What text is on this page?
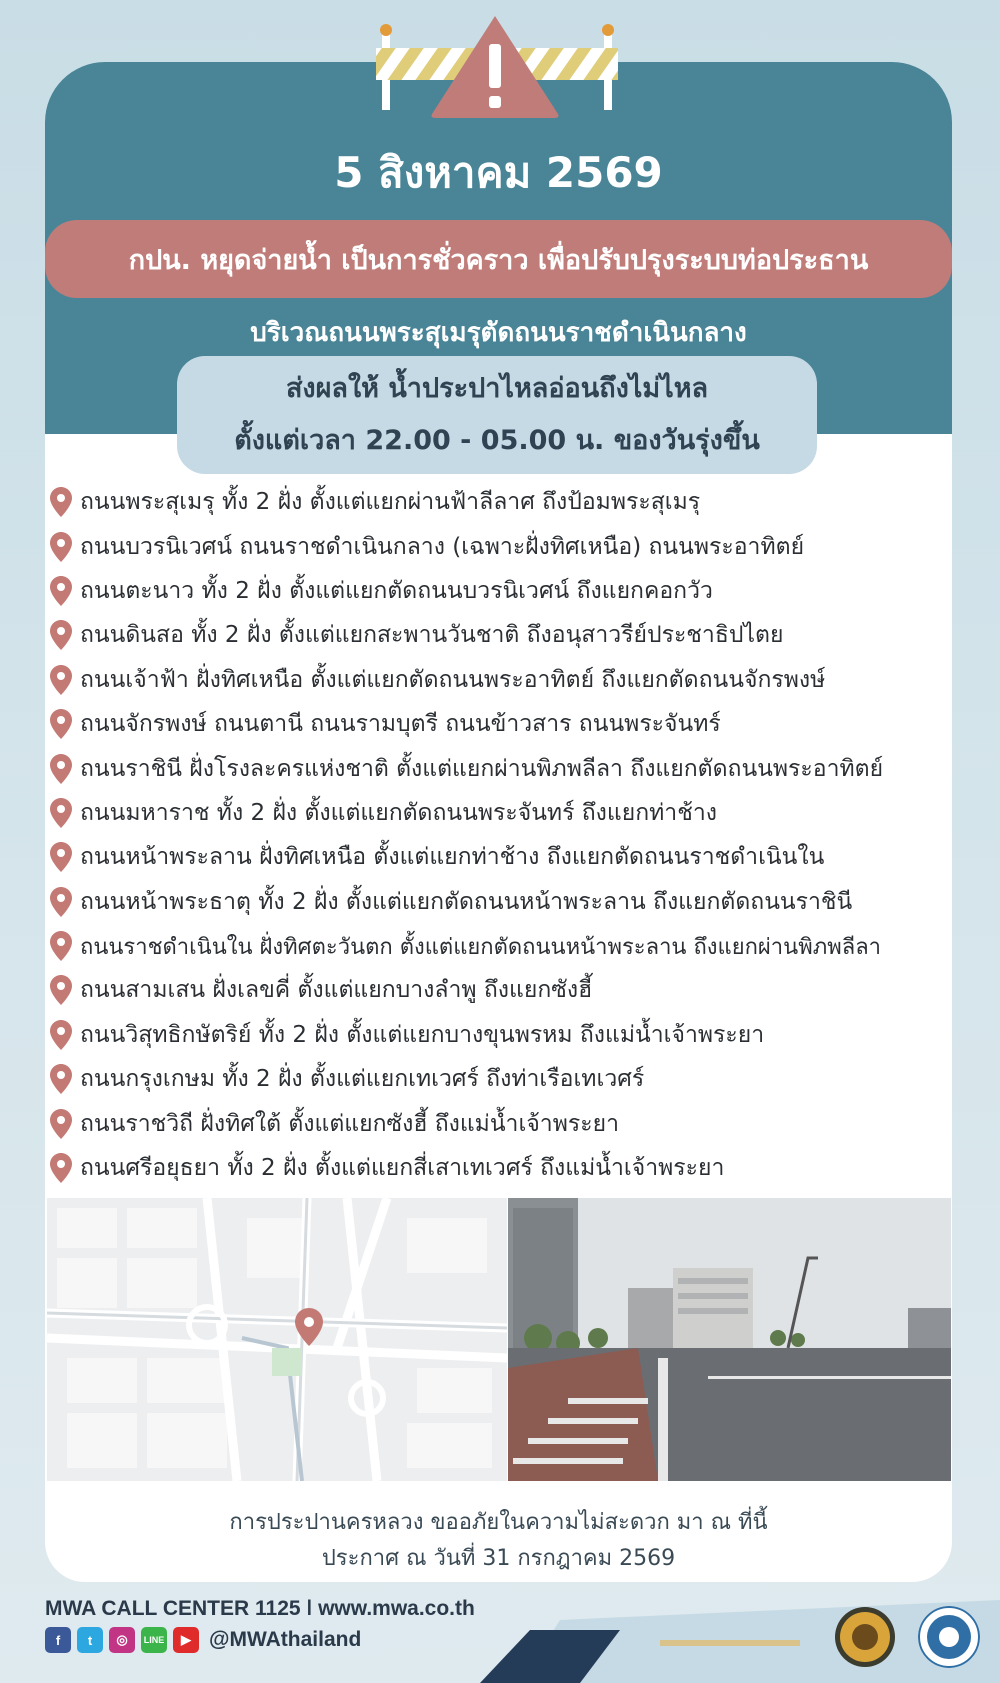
5 สิงหาคม 2569
กปน. หยุดจ่ายน้ำ เป็นการชั่วคราว เพื่อปรับปรุงระบบท่อประธาน
บริเวณถนนพระสุเมรุตัดถนนราชดำเนินกลาง
ส่งผลให้ น้ำประปาไหลอ่อนถึงไม่ไหล
ตั้งแต่เวลา 22.00 - 05.00 น. ของวันรุ่งขึ้น
ถนนพระสุเมรุ ทั้ง 2 ฝั่ง ตั้งแต่แยกผ่านฟ้าลีลาศ ถึงป้อมพระสุเมรุ
ถนนบวรนิเวศน์ ถนนราชดำเนินกลาง (เฉพาะฝั่งทิศเหนือ) ถนนพระอาทิตย์
ถนนตะนาว ทั้ง 2 ฝั่ง ตั้งแต่แยกตัดถนนบวรนิเวศน์ ถึงแยกคอกวัว
ถนนดินสอ ทั้ง 2 ฝั่ง ตั้งแต่แยกสะพานวันชาติ ถึงอนุสาวรีย์ประชาธิปไตย
ถนนเจ้าฟ้า ฝั่งทิศเหนือ ตั้งแต่แยกตัดถนนพระอาทิตย์ ถึงแยกตัดถนนจักรพงษ์
ถนนจักรพงษ์ ถนนตานี ถนนรามบุตรี ถนนข้าวสาร ถนนพระจันทร์
ถนนราชินี ฝั่งโรงละครแห่งชาติ ตั้งแต่แยกผ่านพิภพลีลา ถึงแยกตัดถนนพระอาทิตย์
ถนนมหาราช ทั้ง 2 ฝั่ง ตั้งแต่แยกตัดถนนพระจันทร์ ถึงแยกท่าช้าง
ถนนหน้าพระลาน ฝั่งทิศเหนือ ตั้งแต่แยกท่าช้าง ถึงแยกตัดถนนราชดำเนินใน
ถนนหน้าพระธาตุ ทั้ง 2 ฝั่ง ตั้งแต่แยกตัดถนนหน้าพระลาน ถึงแยกตัดถนนราชินี
ถนนราชดำเนินใน ฝั่งทิศตะวันตก ตั้งแต่แยกตัดถนนหน้าพระลาน ถึงแยกผ่านพิภพลีลา
ถนนสามเสน ฝั่งเลขคี่ ตั้งแต่แยกบางลำพู ถึงแยกซังฮี้
ถนนวิสุทธิกษัตริย์ ทั้ง 2 ฝั่ง ตั้งแต่แยกบางขุนพรหม ถึงแม่น้ำเจ้าพระยา
ถนนกรุงเกษม ทั้ง 2 ฝั่ง ตั้งแต่แยกเทเวศร์ ถึงท่าเรือเทเวศร์
ถนนราชวิถี ฝั่งทิศใต้ ตั้งแต่แยกซังฮี้ ถึงแม่น้ำเจ้าพระยา
ถนนศรีอยุธยา ทั้ง 2 ฝั่ง ตั้งแต่แยกสี่เสาเทเวศร์ ถึงแม่น้ำเจ้าพระยา
การประปานครหลวง ขออภัยในความไม่สะดวก มา ณ ที่นี้
ประกาศ ณ วันที่ 31 กรกฎาคม 2569
MWA CALL CENTER 1125 ǀ www.mwa.co.th
f	t	◎	LINE	▶ @MWAthailand
